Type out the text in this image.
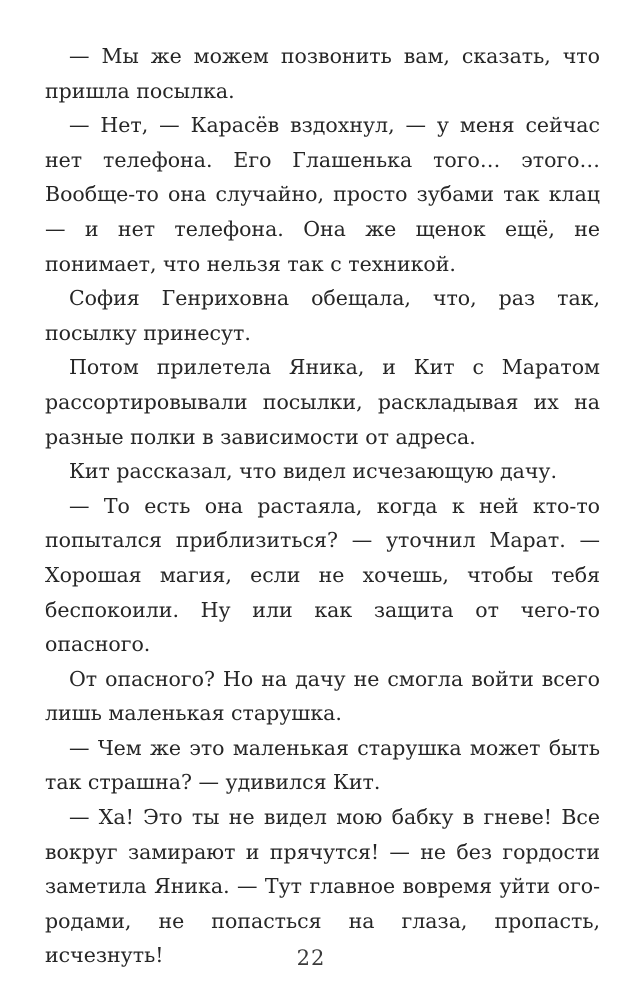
— Мы же можем позвонить вам, сказать, что пришла посылка.

— Нет, — Карасёв вздохнул, — у меня сейчас нет телефона. Его Глашенька того… этого… Вообще-то она случайно, просто зубами так клац — и нет телефона. Она же щенок ещё, не понимает, что нельзя так с техникой.

София Генриховна обещала, что, раз так, посылку принесут.

Потом прилетела Яника, и Кит с Маратом рассортировывали посылки, раскладывая их на разные полки в зависимости от адреса.

Кит рассказал, что видел исчезающую дачу.

— То есть она растаяла, когда к ней кто-то попытался приблизиться? — уточнил Марат. — Хорошая магия, если не хочешь, чтобы тебя беспокоили. Ну или как защита от чего-то опасного.

От опасного? Но на дачу не смогла войти всего лишь маленькая старушка.

— Чем же это маленькая старушка может быть так страшна? — удивился Кит.

— Ха! Это ты не видел мою бабку в гневе! Все вокруг замирают и прячутся! — не без гордости заметила Яника. — Тут главное вовремя уйти огородами, не попасться на глаза, пропасть, исчезнуть!	22
